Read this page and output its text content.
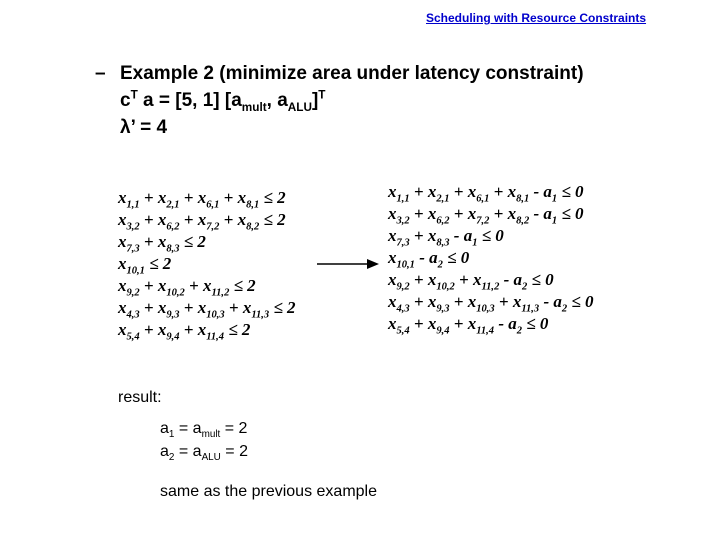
Scheduling with Resource Constraints
– Example 2 (minimize area under latency constraint)
$c^T$ a = [5, 1] [$a_{mult}$, $a_{ALU}]^T$
λ’ = 4
$x_{1,1} + x_{2,1} + x_{6,1} + x_{8,1} \le 2$
$x_{3,2} + x_{6,2} + x_{7,2} + x_{8,2} \le 2$
$x_{7,3} + x_{8,3} \le 2$
$x_{10,1} \le 2$
$x_{9,2} + x_{10,2} + x_{11,2} \le 2$
$x_{4,3} + x_{9,3} + x_{10,3} + x_{11,3} \le 2$
$x_{5,4} + x_{9,4} + x_{11,4} \le 2$
$x_{1,1} + x_{2,1} + x_{6,1} + x_{8,1} - a_1 \le 0$
$x_{3,2} + x_{6,2} + x_{7,2} + x_{8,2} - a_1 \le 0$
$x_{7,3} + x_{8,3} - a_1 \le 0$
$x_{10,1} - a_2 \le 0$
$x_{9,2} + x_{10,2} + x_{11,2} - a_2 \le 0$
$x_{4,3} + x_{9,3} + x_{10,3} + x_{11,3} - a_2 \le 0$
$x_{5,4} + x_{9,4} + x_{11,4} - a_2 \le 0$
result:
$a_1 = a_{mult} = 2$
$a_2 = a_{ALU} = 2$
same as the previous example
